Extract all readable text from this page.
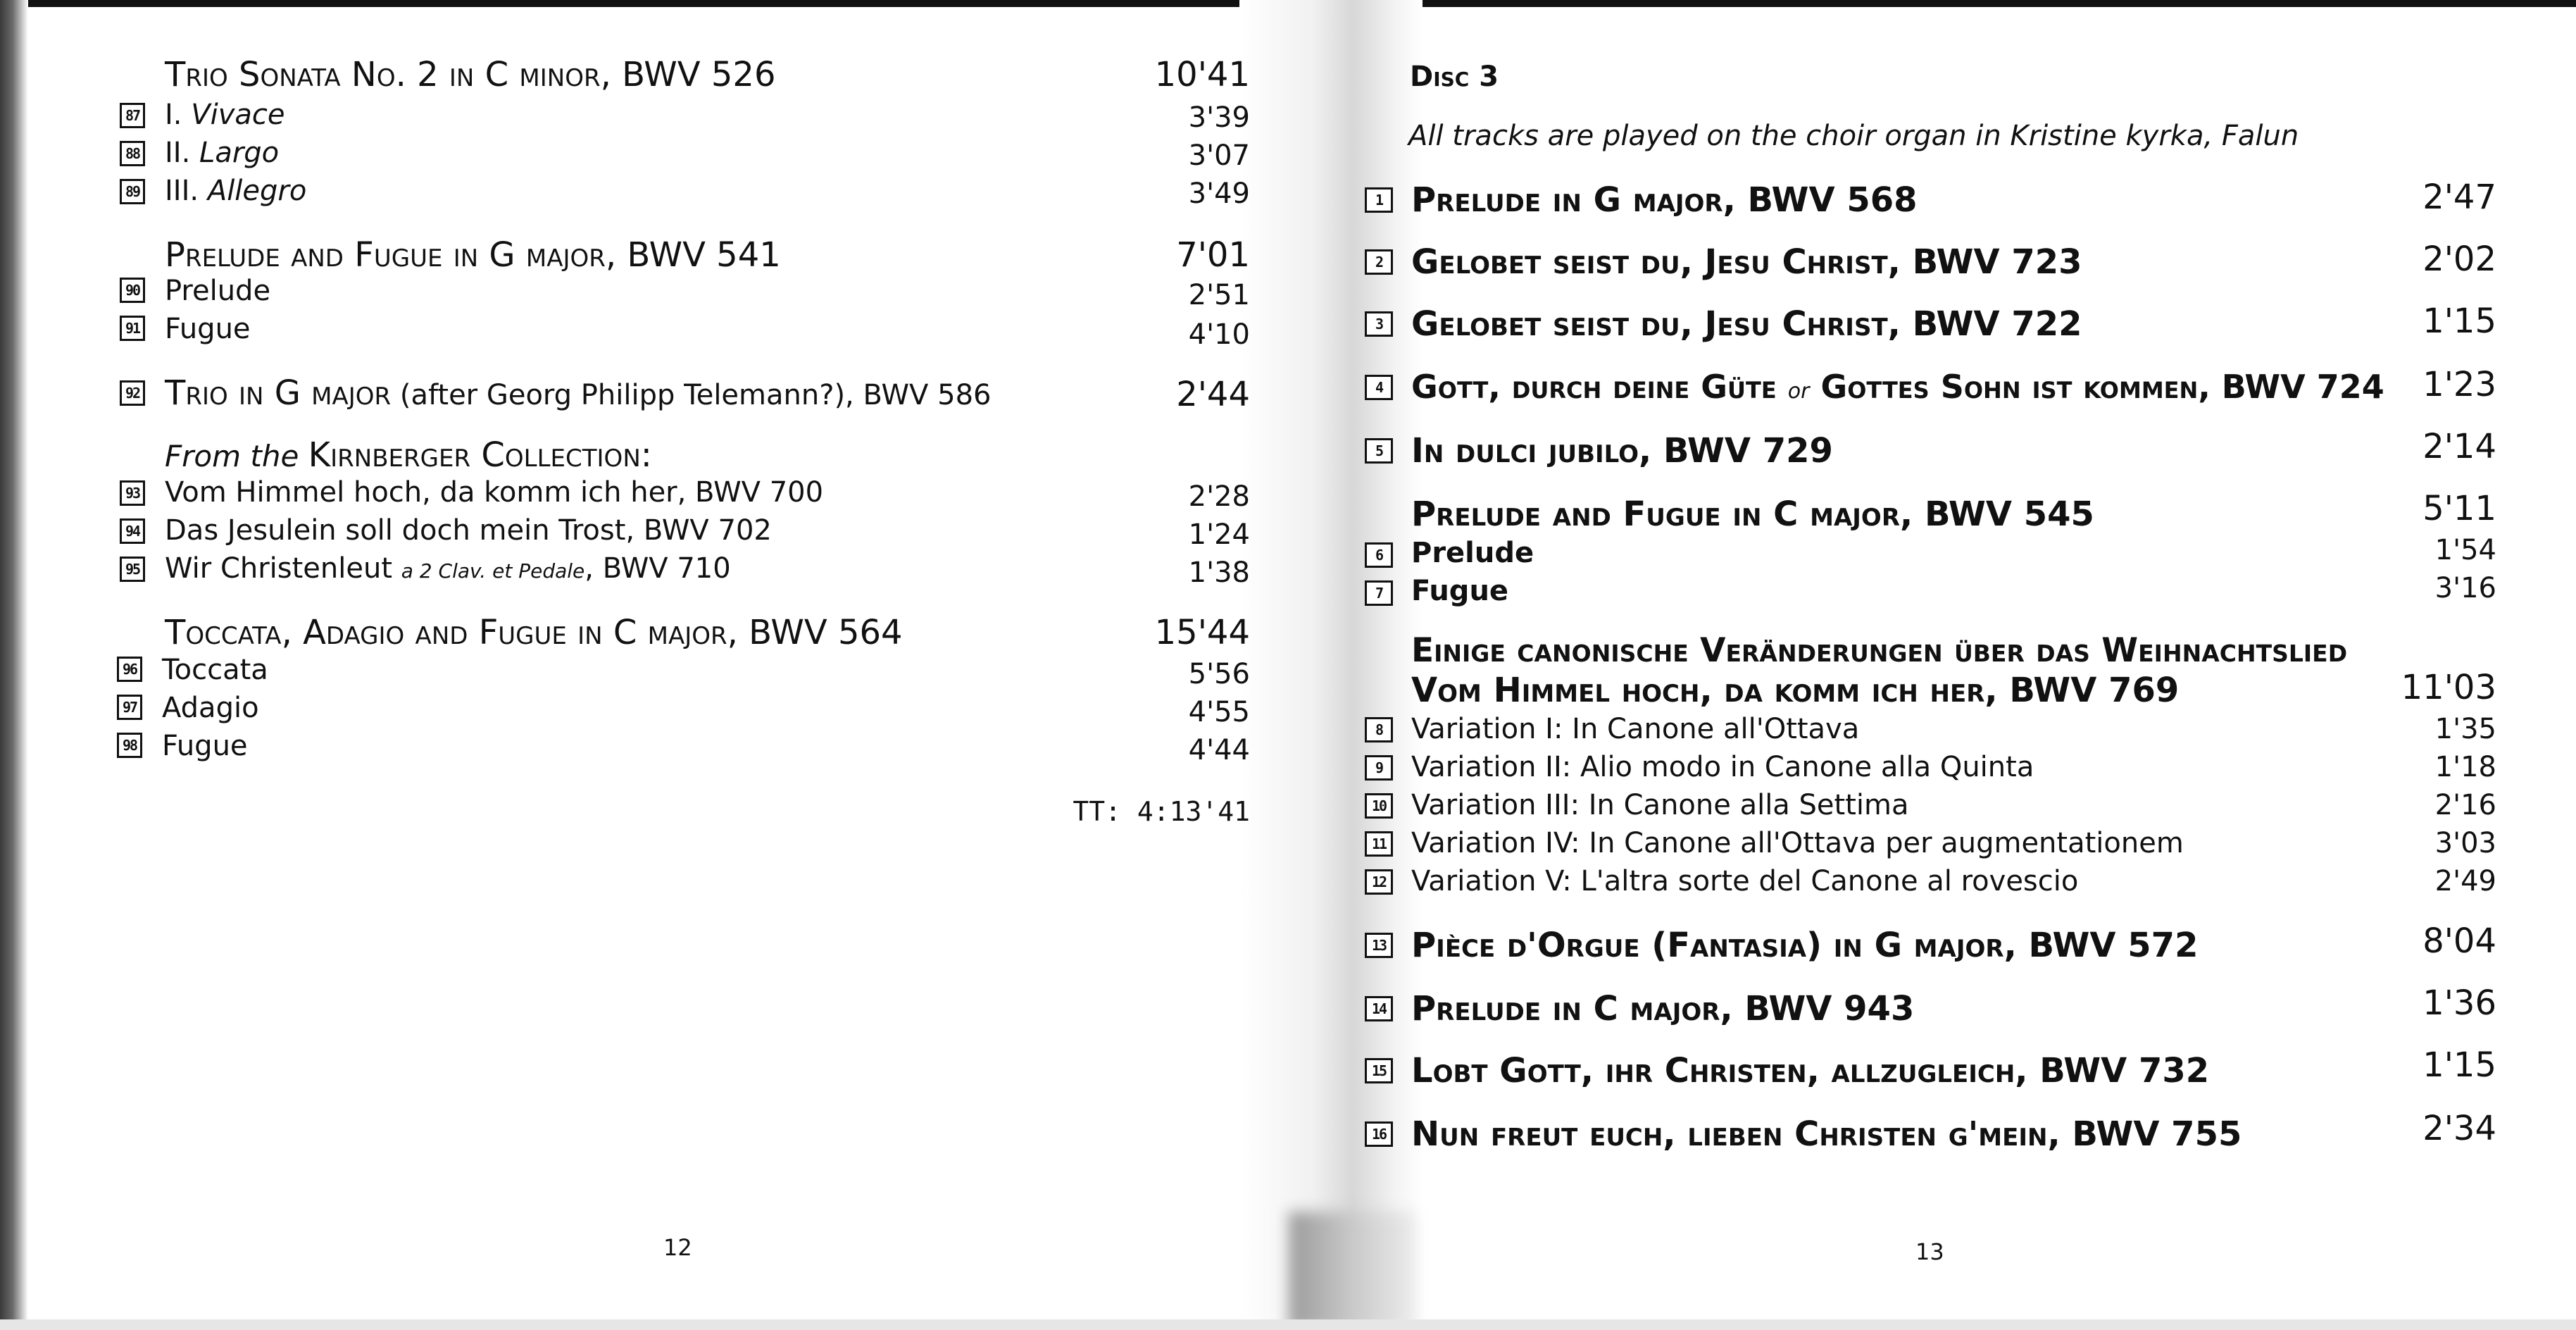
Trio Sonata No. 2 in C minor, BWV 526	10'41
87 I. Vivace	3'39
88 II. Largo	3'07
89 III. Allegro	3'49
Prelude and Fugue in G major, BWV 541	7'01
90 Prelude	2'51
91 Fugue	4'10
92 Trio in G major (after Georg Philipp Telemann?), BWV 586	2'44
From the Kirnberger Collection:
93 Vom Himmel hoch, da komm ich her, BWV 700	2'28
94 Das Jesulein soll doch mein Trost, BWV 702	1'24
95 Wir Christenleut a 2 Clav. et Pedale, BWV 710	1'38
Toccata, Adagio and Fugue in C major, BWV 564	15'44
96 Toccata	5'56
97 Adagio	4'55
98 Fugue	4'44
TT: 4:13'41
12
Disc 3
All tracks are played on the choir organ in Kristine kyrka, Falun
1 Prelude in G major, BWV 568	2'47
2 Gelobet seist du, Jesu Christ, BWV 723	2'02
3 Gelobet seist du, Jesu Christ, BWV 722	1'15
4 Gott, durch deine Güte or Gottes Sohn ist kommen, BWV 724 1'23
5 In dulci jubilo, BWV 729	2'14
Prelude and Fugue in C major, BWV 545	5'11
6	Prelude	1'54
7	Fugue	3'16
Einige canonische Veränderungen über das Weihnachtslied
Vom Himmel hoch, da komm ich her, BWV 769	11'03
8	Variation I: In Canone all'Ottava	1'35
9	Variation II: Alio modo in Canone alla Quinta	1'18
10 Variation III: In Canone alla Settima	2'16
11 Variation IV: In Canone all'Ottava per augmentationem	3'03
12 Variation V: L'altra sorte del Canone al rovescio	2'49
13 Pièce d'Orgue (Fantasia) in G major, BWV 572	8'04
14 Prelude in C major, BWV 943	1'36
15 Lobt Gott, ihr Christen, allzugleich, BWV 732	1'15
16 Nun freut euch, lieben Christen g'mein, BWV 755	2'34
13
